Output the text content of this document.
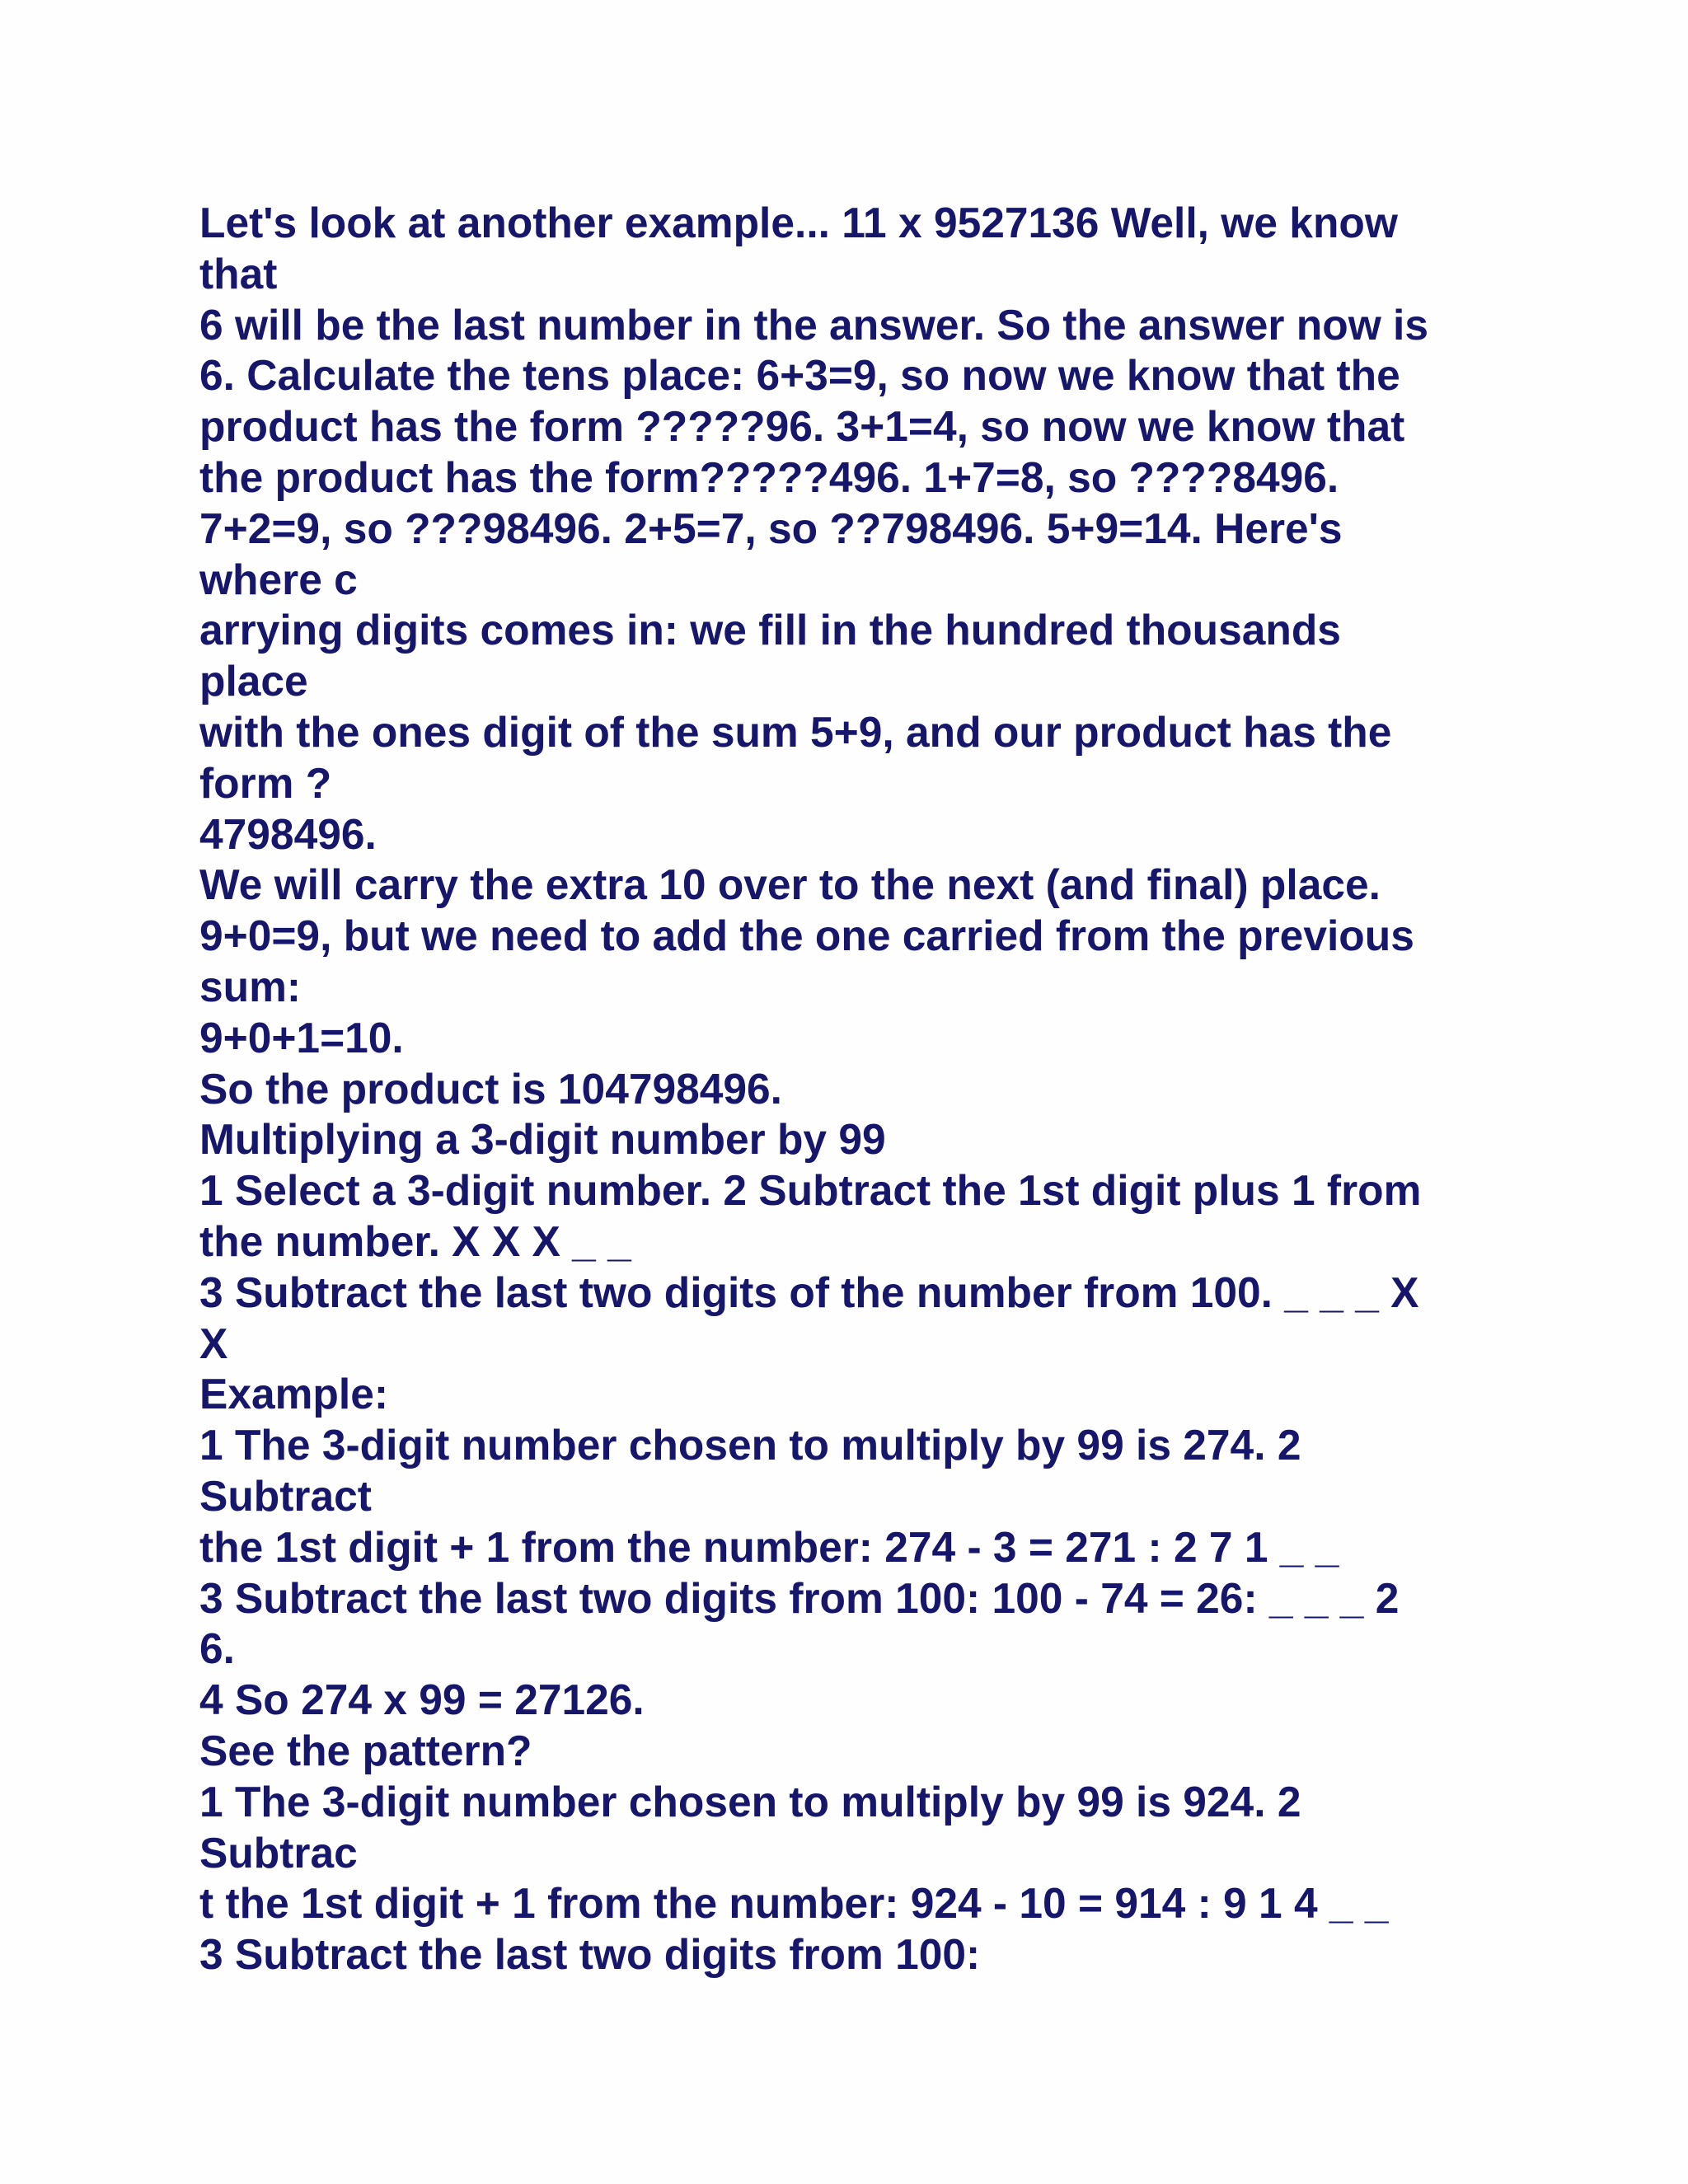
Let's look at another example... 11 x 9527136 Well, we know
that
6 will be the last number in the answer. So the answer now is
6. Calculate the tens place: 6+3=9, so now we know that the
product has the form ?????96. 3+1=4, so now we know that
the product has the form?????496. 1+7=8, so ????8496.
7+2=9, so ???98496. 2+5=7, so ??798496. 5+9=14. Here's
where c
arrying digits comes in: we fill in the hundred thousands
place
with the ones digit of the sum 5+9, and our product has the
form ?
4798496.
We will carry the extra 10 over to the next (and final) place.
9+0=9, but we need to add the one carried from the previous
sum:
9+0+1=10.
So the product is 104798496.
Multiplying a 3-digit number by 99
1 Select a 3-digit number. 2 Subtract the 1st digit plus 1 from
the number. X X X _ _
3 Subtract the last two digits of the number from 100. _ _ _ X
X
Example:
1 The 3-digit number chosen to multiply by 99 is 274. 2
Subtract
the 1st digit + 1 from the number: 274 - 3 = 271 : 2 7 1 _ _
3 Subtract the last two digits from 100: 100 - 74 = 26: _ _ _ 2
6.
4 So 274 x 99 = 27126.
See the pattern?
1 The 3-digit number chosen to multiply by 99 is 924. 2
Subtrac
t the 1st digit + 1 from the number: 924 - 10 = 914 : 9 1 4 _ _
3 Subtract the last two digits from 100:
